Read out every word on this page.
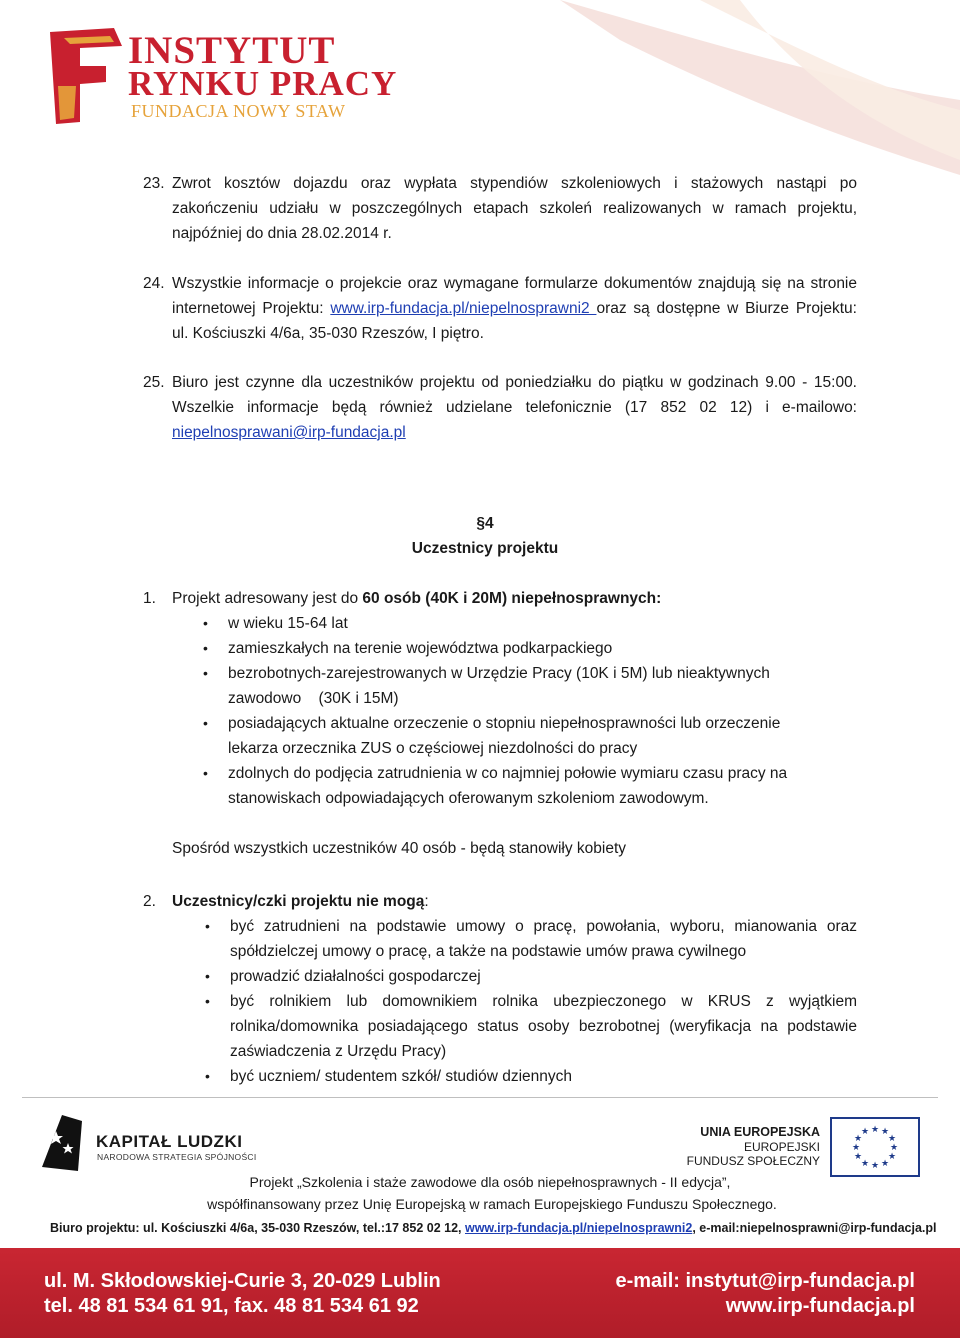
INSTYTUT
RYNKU PRACY
FUNDACJA NOWY STAW
23. Zwrot kosztów dojazdu oraz wypłata stypendiów szkoleniowych i stażowych nastąpi po zakończeniu udziału w poszczególnych etapach szkoleń realizowanych w ramach projektu, najpóźniej do dnia 28.02.2014 r.
24. Wszystkie informacje o projekcie oraz wymagane formularze dokumentów znajdują się na stronie internetowej Projektu: www.irp-fundacja.pl/niepelnosprawni2 oraz są dostępne w Biurze Projektu: ul. Kościuszki 4/6a, 35-030 Rzeszów, I piętro.
25. Biuro jest czynne dla uczestników projektu od poniedziałku do piątku w godzinach 9.00 - 15:00. Wszelkie informacje będą również udzielane telefonicznie (17 852 02 12) i e-mailowo: niepelnosprawani@irp-fundacja.pl
§4
Uczestnicy projektu
1. Projekt adresowany jest do 60 osób (40K i 20M) niepełnosprawnych:
• w wieku 15-64 lat
• zamieszkałych na terenie województwa podkarpackiego
• bezrobotnych-zarejestrowanych w Urzędzie Pracy (10K i 5M) lub nieaktywnych  zawodowo    (30K i 15M)
• posiadających aktualne orzeczenie o stopniu niepełnosprawności lub orzeczenie  lekarza orzecznika ZUS o częściowej niezdolności do pracy
• zdolnych do podjęcia zatrudnienia w co najmniej połowie wymiaru czasu pracy na  stanowiskach odpowiadających oferowanym szkoleniom zawodowym.
Spośród wszystkich uczestników 40 osób - będą stanowiły kobiety
2. Uczestnicy/czki projektu nie mogą:
• być zatrudnieni na podstawie umowy o pracę, powołania, wyboru, mianowania oraz spółdzielczej umowy o pracę, a także na podstawie umów prawa cywilnego
• prowadzić działalności gospodarczej
• być rolnikiem lub domownikiem rolnika ubezpieczonego w KRUS z wyjątkiem rolnika/domownika posiadającego status osoby bezrobotnej (weryfikacja na podstawie zaświadczenia z Urzędu Pracy)
• być uczniem/ studentem szkół/ studiów dziennych
KAPITAŁ LUDZKI
NARODOWA STRATEGIA SPÓJNOŚCI
UNIA EUROPEJSKA
EUROPEJSKI
FUNDUSZ SPOŁECZNY
★ ★
★
★
★
★
★
★
★
★
★
★
Projekt „Szkolenia i staże zawodowe dla osób niepełnosprawnych - II edycja”,
współfinansowany przez Unię Europejską w ramach Europejskiego Funduszu Społecznego.
Biuro projektu: ul. Kościuszki 4/6a, 35-030 Rzeszów, tel.:17 852 02 12, www.irp-fundacja.pl/niepelnosprawni2, e-mail:niepelnosprawni@irp-fundacja.pl
ul. M. Skłodowskiej-Curie 3, 20-029 Lublin
tel. 48 81 534 61 91, fax. 48 81 534 61 92
e-mail: instytut@irp-fundacja.pl
www.irp-fundacja.pl
